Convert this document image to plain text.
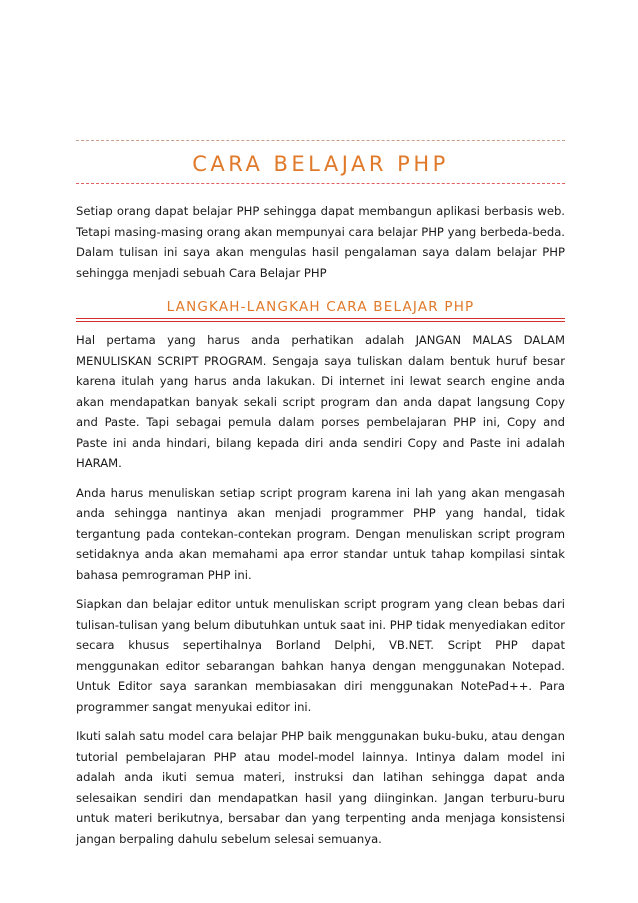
CARA BELAJAR PHP
Setiap orang dapat belajar PHP sehingga dapat membangun aplikasi berbasis web. Tetapi masing-masing orang akan mempunyai cara belajar PHP yang berbeda-beda. Dalam tulisan ini saya akan mengulas hasil pengalaman saya dalam belajar PHP sehingga menjadi sebuah Cara Belajar PHP
LANGKAH-LANGKAH CARA BELAJAR PHP

Hal pertama yang harus anda perhatikan adalah JANGAN MALAS DALAM MENULISKAN SCRIPT PROGRAM. Sengaja saya tuliskan dalam bentuk huruf besar karena itulah yang harus anda lakukan. Di internet ini lewat search engine anda akan mendapatkan banyak sekali script program dan anda dapat langsung Copy and Paste. Tapi sebagai pemula dalam porses pembelajaran PHP ini, Copy and Paste ini anda hindari, bilang kepada diri anda sendiri Copy and Paste ini adalah HARAM.

Anda harus menuliskan setiap script program karena ini lah yang akan mengasah anda sehingga nantinya akan menjadi programmer PHP yang handal, tidak tergantung pada contekan-contekan program. Dengan menuliskan script program setidaknya anda akan memahami apa error standar untuk tahap kompilasi sintak bahasa pemrograman PHP ini.

Siapkan dan belajar editor untuk menuliskan script program yang clean bebas dari tulisan-tulisan yang belum dibutuhkan untuk saat ini. PHP tidak menyediakan editor secara khusus sepertihalnya Borland Delphi, VB.NET. Script PHP dapat menggunakan editor sebarangan bahkan hanya dengan menggunakan Notepad. Untuk Editor saya sarankan membiasakan diri menggunakan NotePad++. Para programmer sangat menyukai editor ini.

Ikuti salah satu model cara belajar PHP baik menggunakan buku-buku, atau dengan tutorial pembelajaran PHP atau model-model lainnya. Intinya dalam model ini adalah anda ikuti semua materi, instruksi dan latihan sehingga dapat anda selesaikan sendiri dan mendapatkan hasil yang diinginkan. Jangan terburu-buru untuk materi berikutnya, bersabar dan yang terpenting anda menjaga konsistensi jangan berpaling dahulu sebelum selesai semuanya.
